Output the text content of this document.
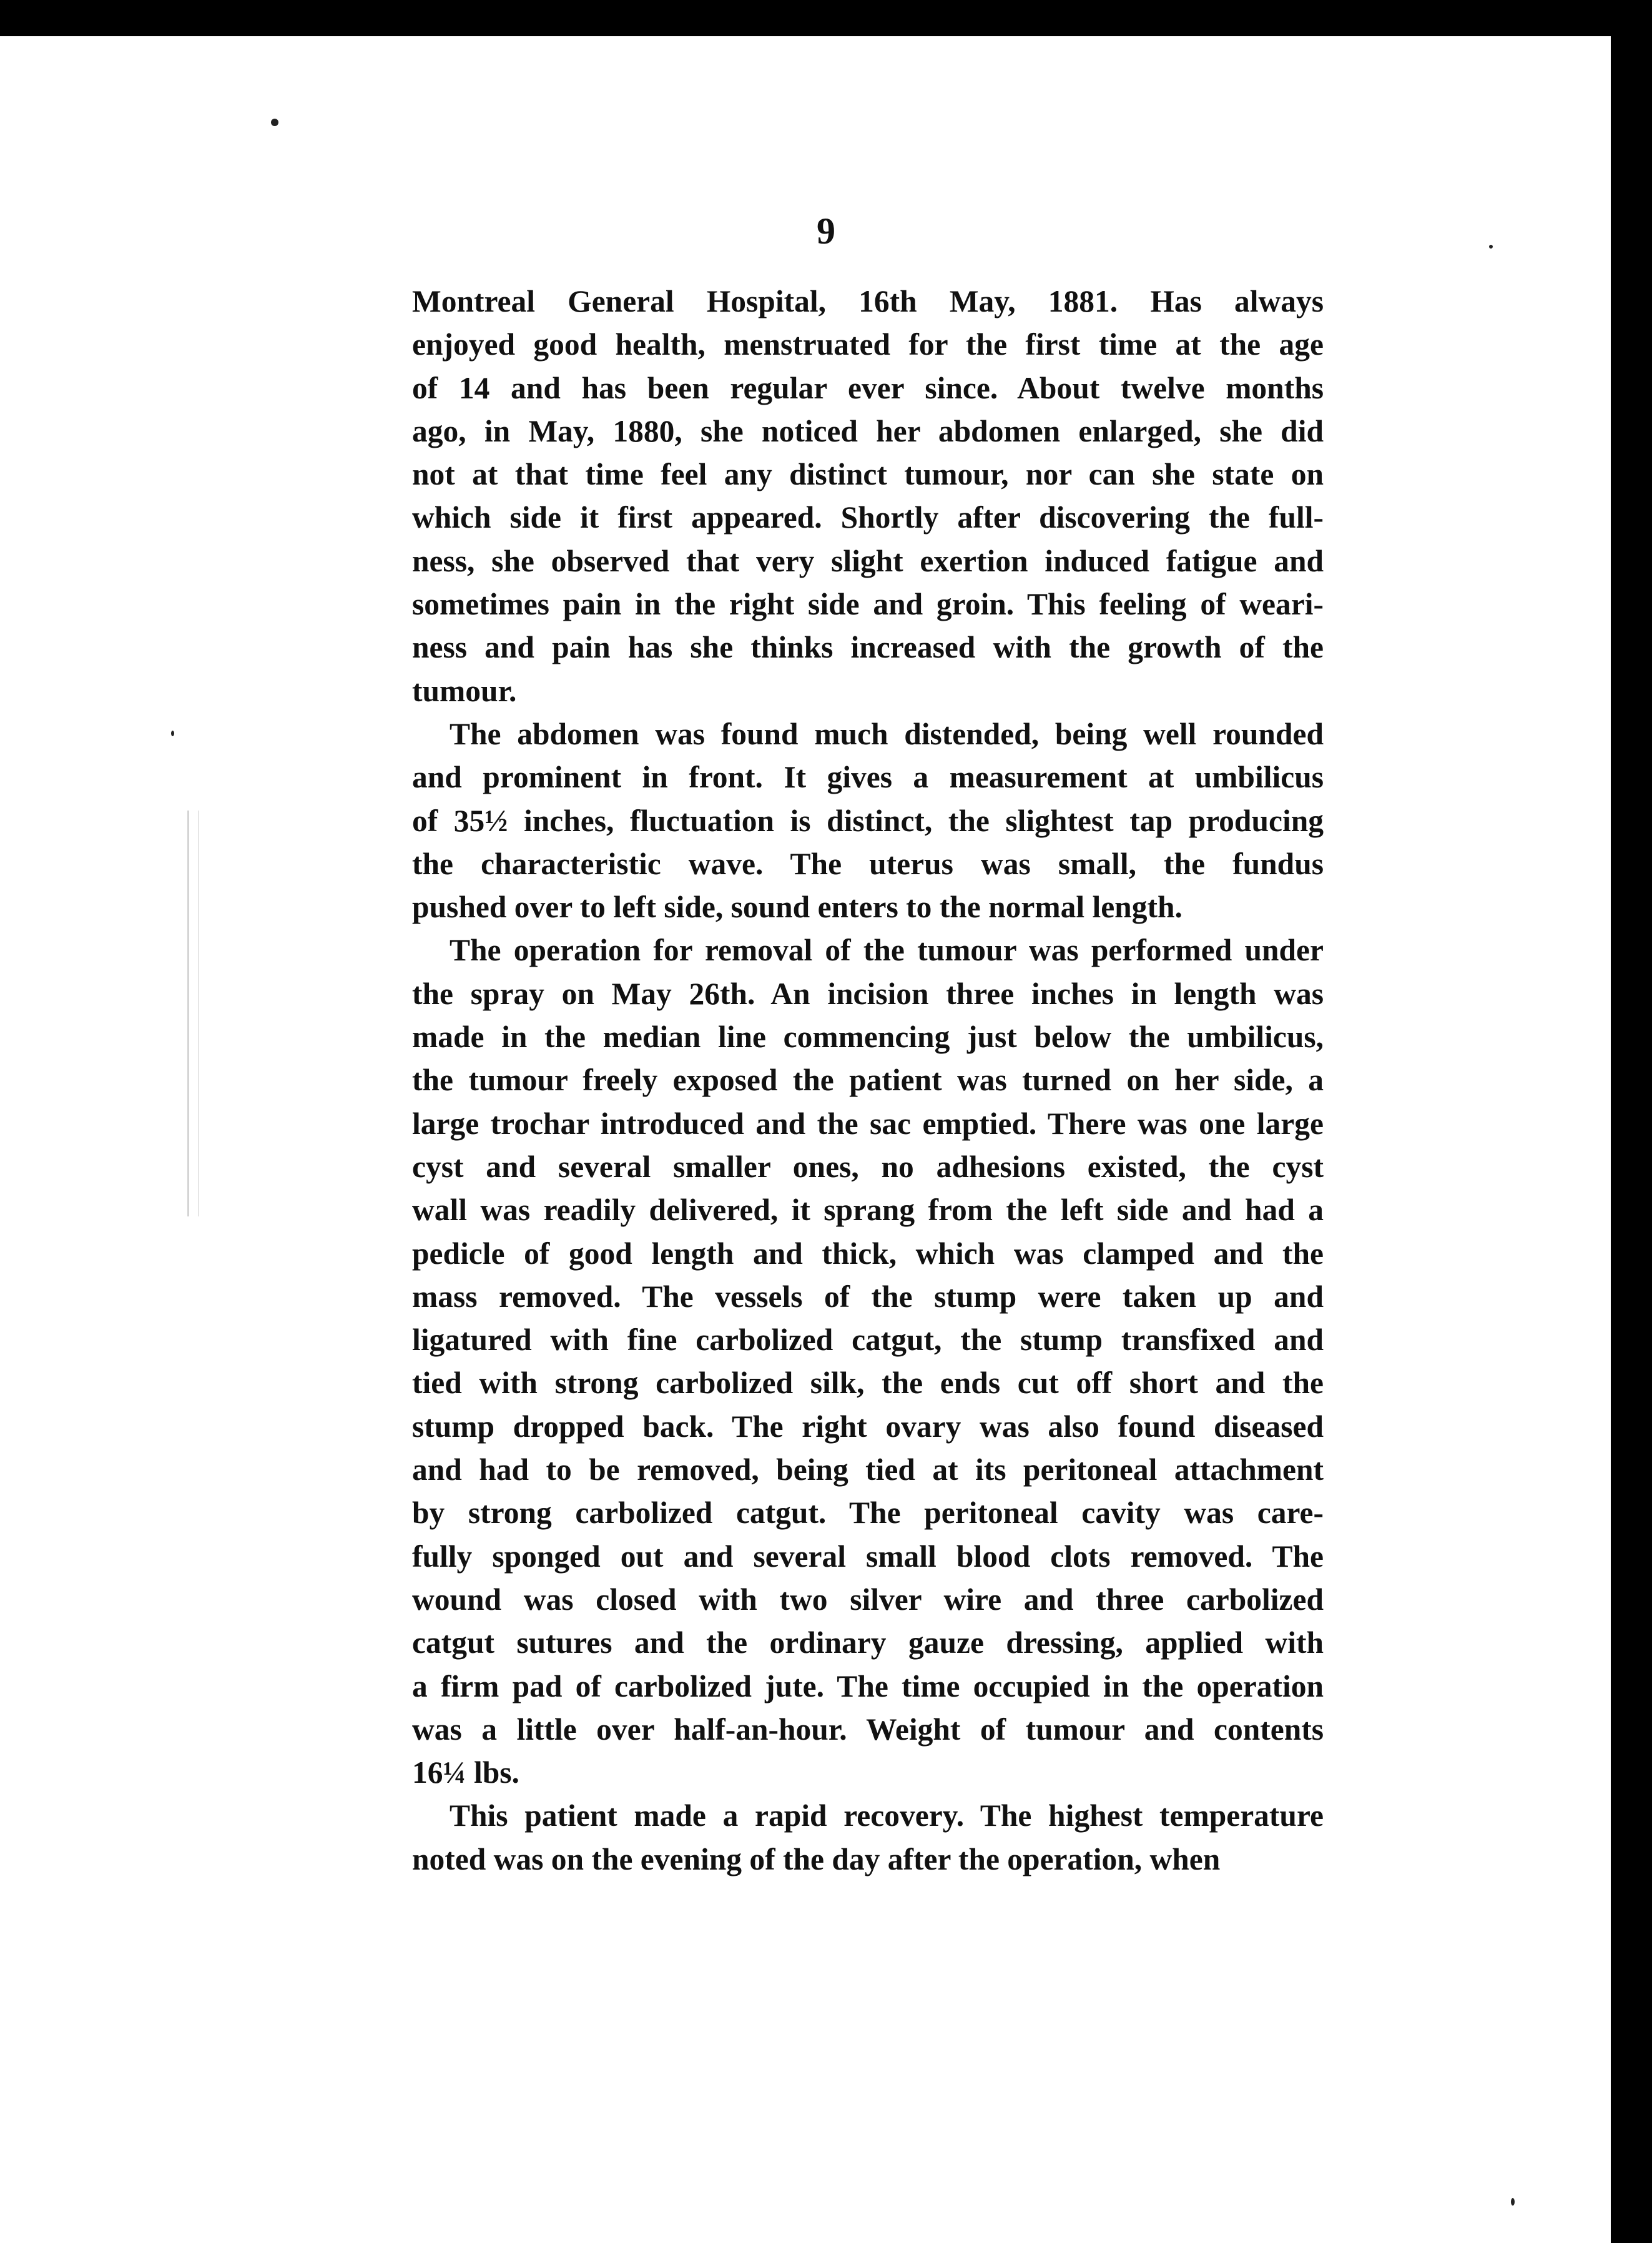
9
Montreal General Hospital, 16th May, 1881. Has always
enjoyed good health, menstruated for the first time at the age
of 14 and has been regular ever since. About twelve months
ago, in May, 1880, she noticed her abdomen enlarged, she did
not at that time feel any distinct tumour, nor can she state on
which side it first appeared. Shortly after discovering the full-
ness, she observed that very slight exertion induced fatigue and
sometimes pain in the right side and groin. This feeling of weari-
ness and pain has she thinks increased with the growth of the
tumour.
The abdomen was found much distended, being well rounded
and prominent in front. It gives a measurement at umbilicus
of 35½ inches, fluctuation is distinct, the slightest tap producing
the characteristic wave. The uterus was small, the fundus
pushed over to left side, sound enters to the normal length.
The operation for removal of the tumour was performed under
the spray on May 26th. An incision three inches in length was
made in the median line commencing just below the umbilicus,
the tumour freely exposed the patient was turned on her side, a
large trochar introduced and the sac emptied. There was one large
cyst and several smaller ones, no adhesions existed, the cyst
wall was readily delivered, it sprang from the left side and had a
pedicle of good length and thick, which was clamped and the
mass removed. The vessels of the stump were taken up and
ligatured with fine carbolized catgut, the stump transfixed and
tied with strong carbolized silk, the ends cut off short and the
stump dropped back. The right ovary was also found diseased
and had to be removed, being tied at its peritoneal attachment
by strong carbolized catgut. The peritoneal cavity was care-
fully sponged out and several small blood clots removed. The
wound was closed with two silver wire and three carbolized
catgut sutures and the ordinary gauze dressing, applied with
a firm pad of carbolized jute. The time occupied in the operation
was a little over half-an-hour. Weight of tumour and contents
16¼ lbs.
This patient made a rapid recovery. The highest temperature
noted was on the evening of the day after the operation, when
